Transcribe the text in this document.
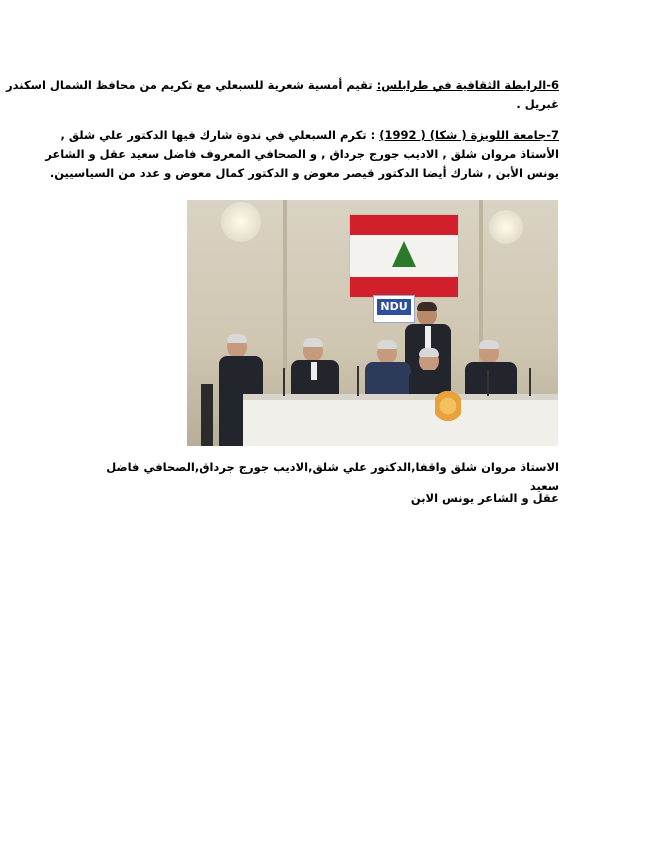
6-الرابطة الثقافية في طرابلس: تقيم أمسية شعرية للسبعلي مع تكريم من محافظ الشمال اسكندر
غبريل .
7-جامعة اللويزة ( شكا) ( 1992) : تكرم السبعلي في ندوة شارك فيها الدكتور علي شلق ,
الأستاذ مروان شلق , الاديب جورج جرداق , و الصحافي المعروف فاضل سعيد عقل و الشاعر
يونس الأبن , شارك أيضا الدكتور قيصر معوض و الدكتور كمال معوض و عدد من السياسيين.
NDU
الاستاذ مروان شلق واقفا,الدكتور علي شلق,الاديب جورج جرداق,الصحافي فاضل سعيد
عقل و الشاعر يونس الابن
